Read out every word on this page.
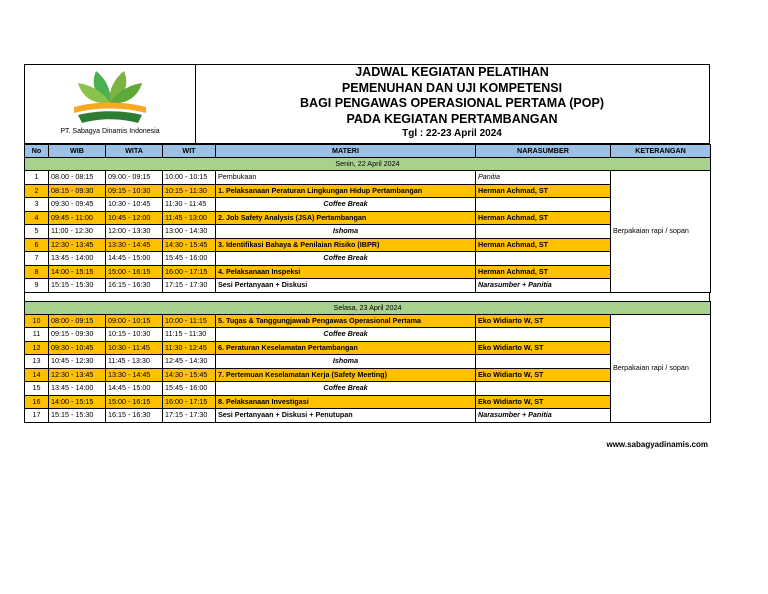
PT. Sabagya Dinamis Indonesia
JADWAL KEGIATAN PELATIHAN
PEMENUHAN DAN UJI KOMPETENSI
BAGI PENGAWAS OPERASIONAL PERTAMA (POP)
PADA KEGIATAN PERTAMBANGAN
Tgl : 22-23 April 2024
No	WIB	WITA	WIT	MATERI	NARASUMBER	KETERANGAN
Senin, 22 April 2024						
1	08.00 - 08:15	09.00 - 09:15	10.00 - 10:15	Pembukaan	Panitia	Berpakaian rapi / sopan
2	08:15 - 09:30	09:15 - 10:30	10:15 - 11:30	1. Pelaksanaan Peraturan Lingkungan Hidup Pertambangan	Herman Achmad, ST	
3	09:30 - 09:45	10:30 - 10:45	11:30 - 11:45	Coffee Break		
4	09:45 - 11:00	10:45 - 12:00	11:45 - 13:00	2. Job Safety Analysis (JSA) Pertambangan	Herman Achmad, ST	
5	11:00 - 12:30	12:00 - 13:30	13:00 - 14:30	Ishoma		
6	12:30 - 13:45	13:30 - 14:45	14:30 - 15:45	3. Identifikasi Bahaya & Penilaian Risiko (IBPR)	Herman Achmad, ST	
7	13:45 - 14:00	14:45 - 15:00	15:45 - 16:00	Coffee Break		
8	14:00 - 15:15	15:00 - 16:15	16:00 - 17:15	4. Pelaksanaan Inspeksi	Herman Achmad, ST	
9	15:15 - 15:30	16:15 - 16:30	17:15 - 17:30	Sesi Pertanyaan + Diskusi	Narasumber + Panitia	
Selasa, 23 April 2024						
10	08:00 - 09:15	09:00 - 10:15	10:00 - 11:15	5. Tugas & Tanggungjawab Pengawas Operasional Pertama	Eko Widiarto W, ST	Berpakaian rapi / sopan
11	09:15 - 09:30	10:15 - 10:30	11:15 - 11:30	Coffee Break		
12	09:30 - 10:45	10:30 - 11:45	11:30 - 12:45	6. Peraturan Keselamatan Pertambangan	Eko Widiarto W, ST	
13	10:45 - 12:30	11:45 - 13:30	12:45 - 14:30	Ishoma		
14	12:30 - 13:45	13:30 - 14:45	14:30 - 15:45	7. Pertemuan Keselamatan Kerja (Safety Meeting)	Eko Widiarto W, ST	
15	13:45 - 14:00	14:45 - 15:00	15:45 - 16:00	Coffee Break		
16	14:00 - 15:15	15:00 - 16:15	16:00 - 17:15	8. Pelaksanaan Investigasi	Eko Widiarto W, ST	
17	15:15 - 15:30	16:15 - 16:30	17:15 - 17:30	Sesi Pertanyaan + Diskusi + Penutupan	Narasumber + Panitia	
www.sabagyadinamis.com
